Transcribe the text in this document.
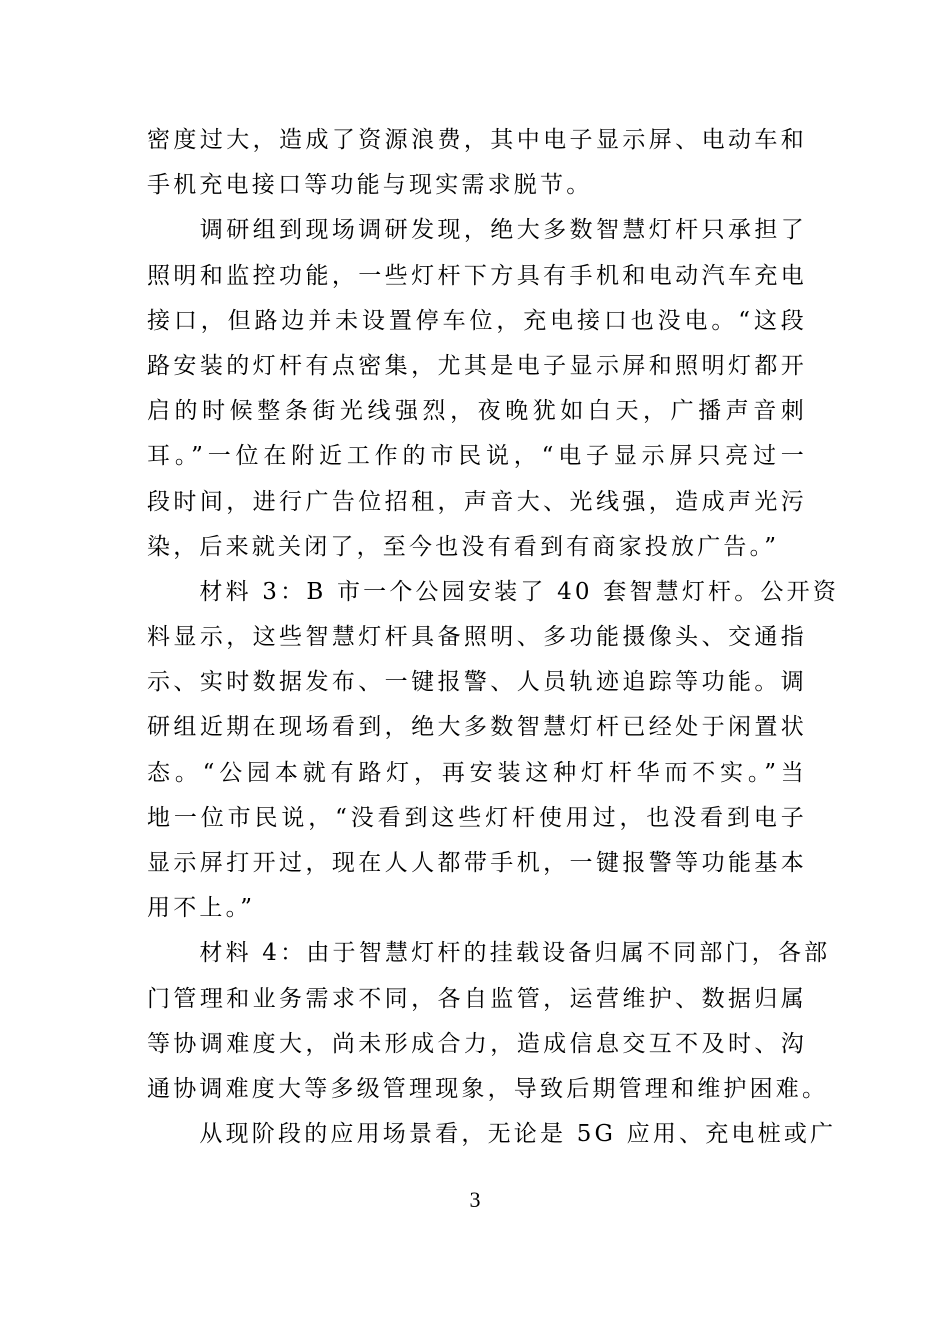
密度过大，造成了资源浪费，其中电子显示屏、电动车和
手机充电接口等功能与现实需求脱节。
　　调研组到现场调研发现，绝大多数智慧灯杆只承担了
照明和监控功能，一些灯杆下方具有手机和电动汽车充电
接口，但路边并未设置停车位，充电接口也没电。“这段
路安装的灯杆有点密集，尤其是电子显示屏和照明灯都开
启的时候整条街光线强烈，夜晚犹如白天，广播声音刺
耳。”一位在附近工作的市民说，“电子显示屏只亮过一
段时间，进行广告位招租，声音大、光线强，造成声光污
染，后来就关闭了，至今也没有看到有商家投放广告。”
　　材料 3：B 市一个公园安装了 40 套智慧灯杆。公开资
料显示，这些智慧灯杆具备照明、多功能摄像头、交通指
示、实时数据发布、一键报警、人员轨迹追踪等功能。调
研组近期在现场看到，绝大多数智慧灯杆已经处于闲置状
态。“公园本就有路灯，再安装这种灯杆华而不实。”当
地一位市民说，“没看到这些灯杆使用过，也没看到电子
显示屏打开过，现在人人都带手机，一键报警等功能基本
用不上。”
　　材料 4：由于智慧灯杆的挂载设备归属不同部门，各部
门管理和业务需求不同，各自监管，运营维护、数据归属
等协调难度大，尚未形成合力，造成信息交互不及时、沟
通协调难度大等多级管理现象，导致后期管理和维护困难。
　　从现阶段的应用场景看，无论是 5G 应用、充电桩或广
3
